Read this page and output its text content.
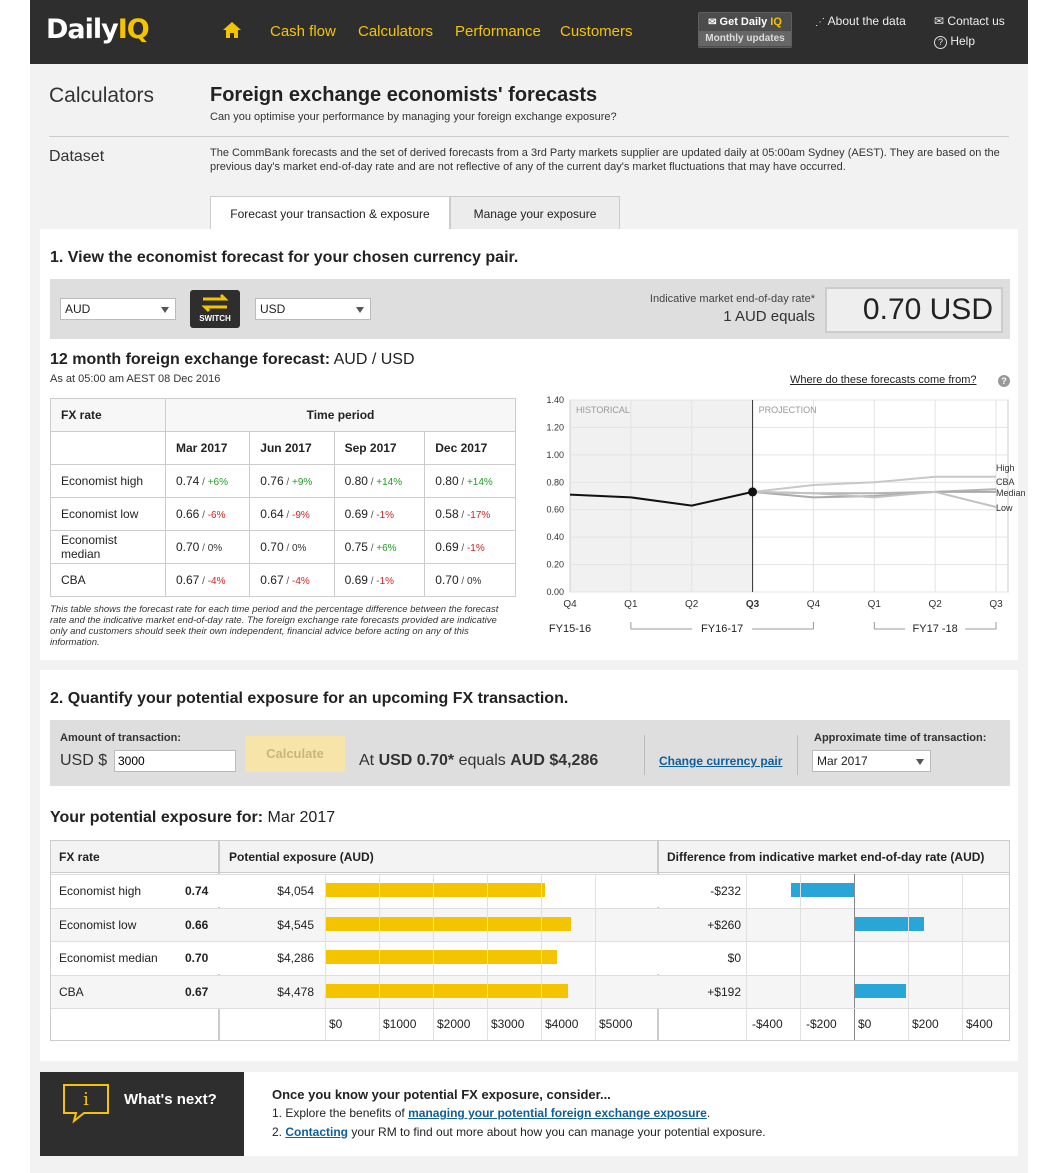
DailyIQ	Cash flow Calculators Performance Customers
✉ Get Daily IQ
Monthly updates
⋰ About the data ✉ Contact us
? Help
Calculators	Foreign exchange economists' forecasts
Can you optimise your performance by managing your foreign exchange exposure?
Dataset	The CommBank forecasts and the set of derived forecasts from a 3rd Party markets supplier are updated daily at 05:00am Sydney (AEST). They are based on the previous day's market end-of-day rate and are not reflective of any of the current day's market fluctuations that may have occurred.
Forecast your transaction & exposure	Manage your exposure
1. View the economist forecast for your chosen currency pair.
AUD
SWITCH
USD
Indicative market end-of-day rate*
1 AUD equals	0.70 USD
12 month foreign exchange forecast: AUD / USD
As at 05:00 am AEST 08 Dec 2016	Where do these forecasts come from?	?
FX rate	Time period			
	Mar 2017	Jun 2017	Sep 2017	Dec 2017
Economist high	0.74 / +6%	0.76 / +9%	0.80 / +14%	0.80 / +14%
Economist low	0.66 / -6%	0.64 / -9%	0.69 / -1%	0.58 / -17%
Economist median	0.70 / 0%	0.70 / 0%	0.75 / +6%	0.69 / -1%
CBA	0.67 / -4%	0.67 / -4%	0.69 / -1%	0.70 / 0%
This table shows the forecast rate for each time period and the percentage difference between the forecast rate and the indicative market end-of-day rate. The foreign exchange rate forecasts provided are indicative only and customers should seek their own independent, financial advice before acting on any of this information.
0.00
0.20
0.40
0.60
0.80
1.00
1.20
1.40
Q4	Q1	Q2	Q3	Q4	Q1	Q2	Q3
HISTORICAL	PROJECTION
High
CBA
Median
Low
FY15-16	FY16-17	FY17 -18
2. Quantify your potential exposure for an upcoming FX transaction.
Amount of transaction:
USD $
3000	Calculate	At USD 0.70* equals AUD $4,286	Change currency pair
Approximate time of transaction:
Mar 2017
Your potential exposure for: Mar 2017
FX rate	Potential exposure (AUD)	Difference from indicative market end-of-day rate (AUD)
Economist high	0.74	$4,054	-$232
Economist low	0.66	$4,545	+$260
Economist median 0.70	$4,286	$0
CBA	0.67	$4,478	+$192
$0	$1000 $2000 $3000 $4000 $5000	-$400 -$200 $0	$200 $400
i What's next?	Once you know your potential FX exposure, consider...
1. Explore the benefits of managing your potential foreign exchange exposure.
2. Contacting your RM to find out more about how you can manage your potential exposure.
